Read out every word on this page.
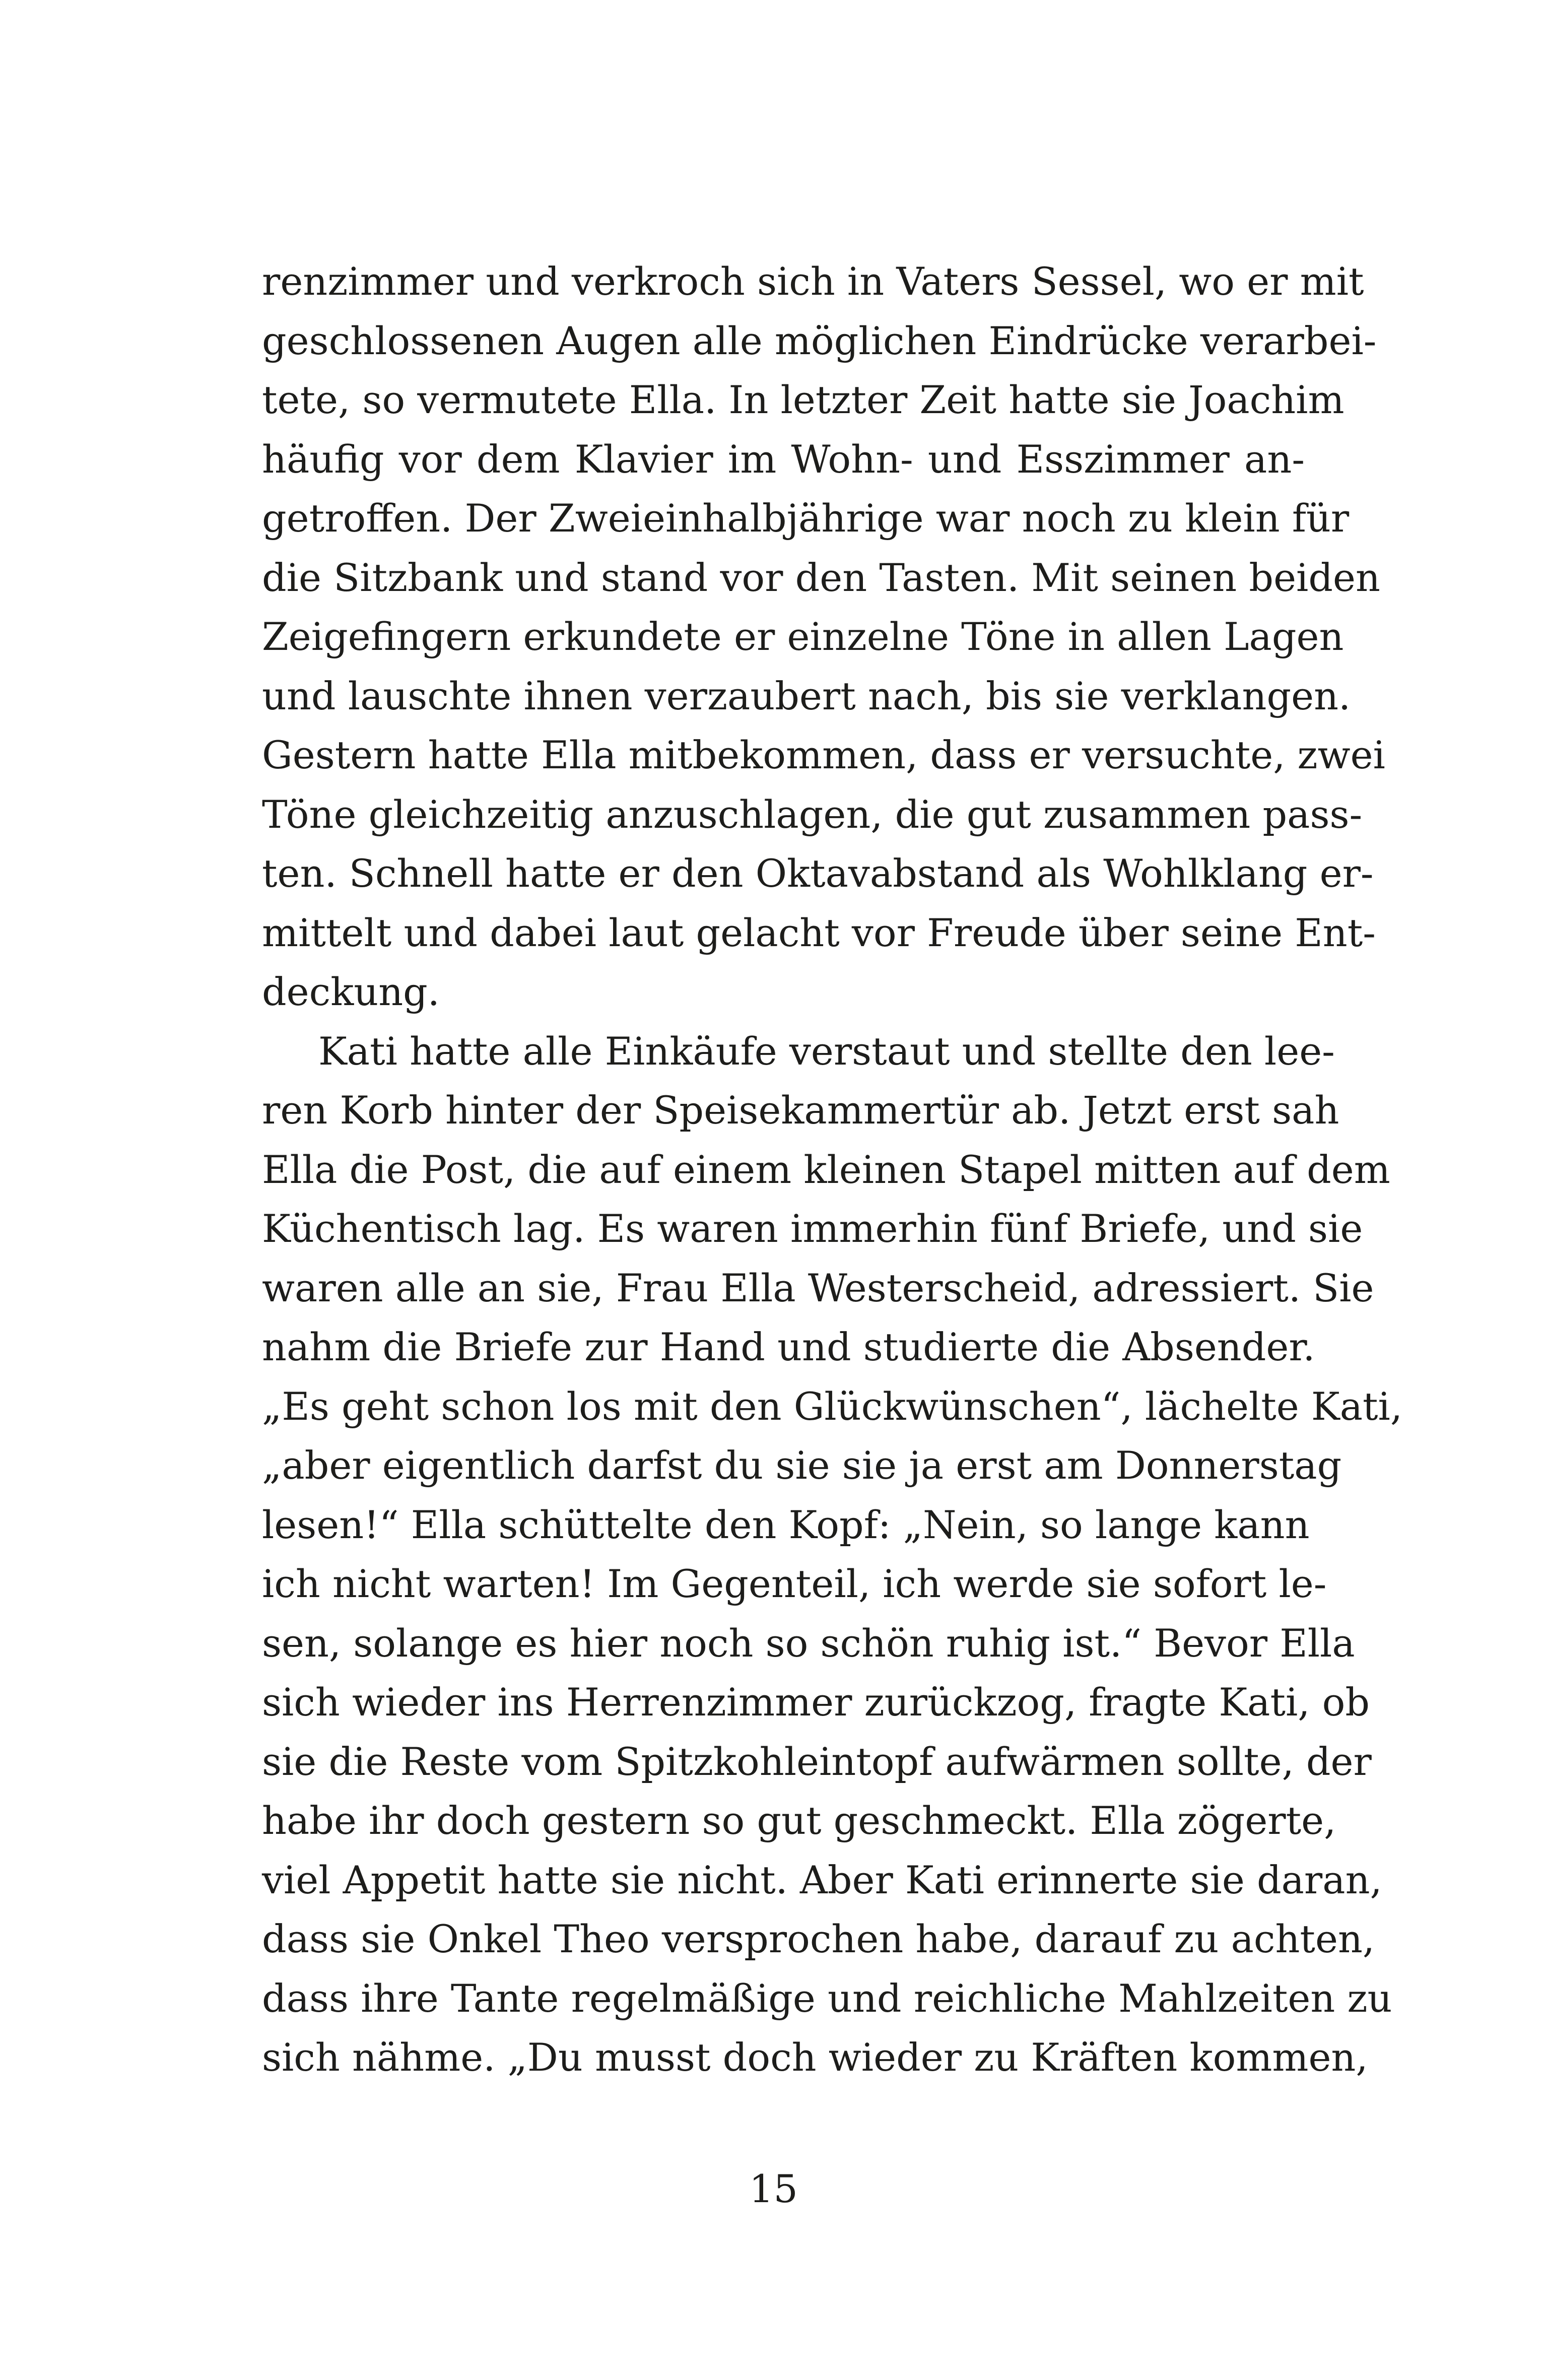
renzimmer und verkroch sich in Vaters Sessel, wo er mit
geschlossenen Augen alle möglichen Eindrücke verarbei-
tete, so vermutete Ella. In letzter Zeit hatte sie Joachim
häufig vor dem Klavier im Wohn- und Esszimmer an-
getroffen. Der Zweieinhalbjährige war noch zu klein für
die Sitzbank und stand vor den Tasten. Mit seinen beiden
Zeigefingern erkundete er einzelne Töne in allen Lagen
und lauschte ihnen verzaubert nach, bis sie verklangen.
Gestern hatte Ella mitbekommen, dass er versuchte, zwei
Töne gleichzeitig anzuschlagen, die gut zusammen pass-
ten. Schnell hatte er den Oktavabstand als Wohlklang er-
mittelt und dabei laut gelacht vor Freude über seine Ent-
deckung.
Kati hatte alle Einkäufe verstaut und stellte den lee-
ren Korb hinter der Speisekammertür ab. Jetzt erst sah
Ella die Post, die auf einem kleinen Stapel mitten auf dem
Küchentisch lag. Es waren immerhin fünf Briefe, und sie
waren alle an sie, Frau Ella Westerscheid, adressiert. Sie
nahm die Briefe zur Hand und studierte die Absender.
„Es geht schon los mit den Glückwünschen“, lächelte Kati,
„aber eigentlich darfst du sie sie ja erst am Donnerstag
lesen!“ Ella schüttelte den Kopf: „Nein, so lange kann
ich nicht warten! Im Gegenteil, ich werde sie sofort le-
sen, solange es hier noch so schön ruhig ist.“ Bevor Ella
sich wieder ins Herrenzimmer zurückzog, fragte Kati, ob
sie die Reste vom Spitzkohleintopf aufwärmen sollte, der
habe ihr doch gestern so gut geschmeckt. Ella zögerte,
viel Appetit hatte sie nicht. Aber Kati erinnerte sie daran,
dass sie Onkel Theo versprochen habe, darauf zu achten,
dass ihre Tante regelmäßige und reichliche Mahlzeiten zu
sich nähme. „Du musst doch wieder zu Kräften kommen,
15
